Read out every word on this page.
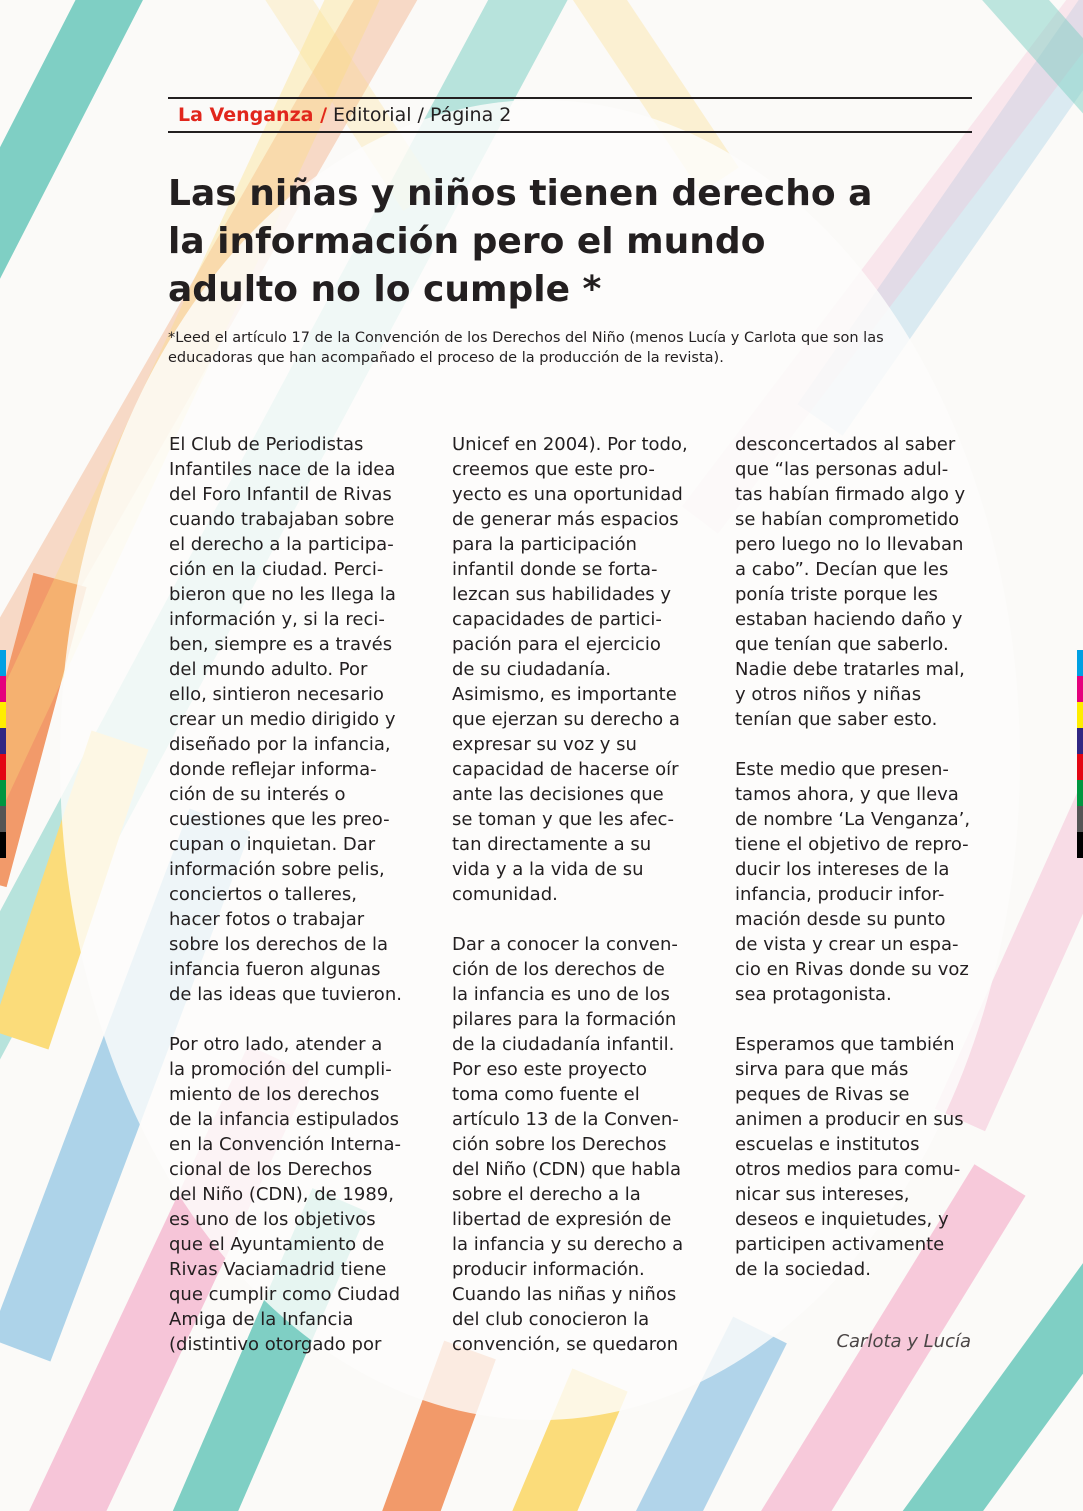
La Venganza / Editorial / Página 2
Las niñas y niños tienen derecho a
la información pero el mundo
adulto no lo cumple *
*Leed el artículo 17 de la Convención de los Derechos del Niño (menos Lucía y Carlota que son las
educadoras que han acompañado el proceso de la producción de la revista).
El Club de Periodistas
Infantiles nace de la idea
del Foro Infantil de Rivas
cuando trabajaban sobre
el derecho a la participa-
ción en la ciudad. Perci-
bieron que no les llega la
información y, si la reci-
ben, siempre es a través
del mundo adulto. Por
ello, sintieron necesario
crear un medio dirigido y
diseñado por la infancia,
donde reflejar informa-
ción de su interés o
cuestiones que les preo-
cupan o inquietan. Dar
información sobre pelis,
conciertos o talleres,
hacer fotos o trabajar
sobre los derechos de la
infancia fueron algunas
de las ideas que tuvieron.
Por otro lado, atender a
la promoción del cumpli-
miento de los derechos
de la infancia estipulados
en la Convención Interna-
cional de los Derechos
del Niño (CDN), de 1989,
es uno de los objetivos
que el Ayuntamiento de
Rivas Vaciamadrid tiene
que cumplir como Ciudad
Amiga de la Infancia
(distintivo otorgado por
Unicef en 2004). Por todo,
creemos que este pro-
yecto es una oportunidad
de generar más espacios
para la participación
infantil donde se forta-
lezcan sus habilidades y
capacidades de partici-
pación para el ejercicio
de su ciudadanía.
Asimismo, es importante
que ejerzan su derecho a
expresar su voz y su
capacidad de hacerse oír
ante las decisiones que
se toman y que les afec-
tan directamente a su
vida y a la vida de su
comunidad.
Dar a conocer la conven-
ción de los derechos de
la infancia es uno de los
pilares para la formación
de la ciudadanía infantil.
Por eso este proyecto
toma como fuente el
artículo 13 de la Conven-
ción sobre los Derechos
del Niño (CDN) que habla
sobre el derecho a la
libertad de expresión de
la infancia y su derecho a
producir información.
Cuando las niñas y niños
del club conocieron la
convención, se quedaron
desconcertados al saber
que “las personas adul-
tas habían firmado algo y
se habían comprometido
pero luego no lo llevaban
a cabo”. Decían que les
ponía triste porque les
estaban haciendo daño y
que tenían que saberlo.
Nadie debe tratarles mal,
y otros niños y niñas
tenían que saber esto.
Este medio que presen-
tamos ahora, y que lleva
de nombre ‘La Venganza’,
tiene el objetivo de repro-
ducir los intereses de la
infancia, producir infor-
mación desde su punto
de vista y crear un espa-
cio en Rivas donde su voz
sea protagonista.
Esperamos que también
sirva para que más
peques de Rivas se
animen a producir en sus
escuelas e institutos
otros medios para comu-
nicar sus intereses,
deseos e inquietudes, y
participen activamente
de la sociedad.
Carlota y Lucía
